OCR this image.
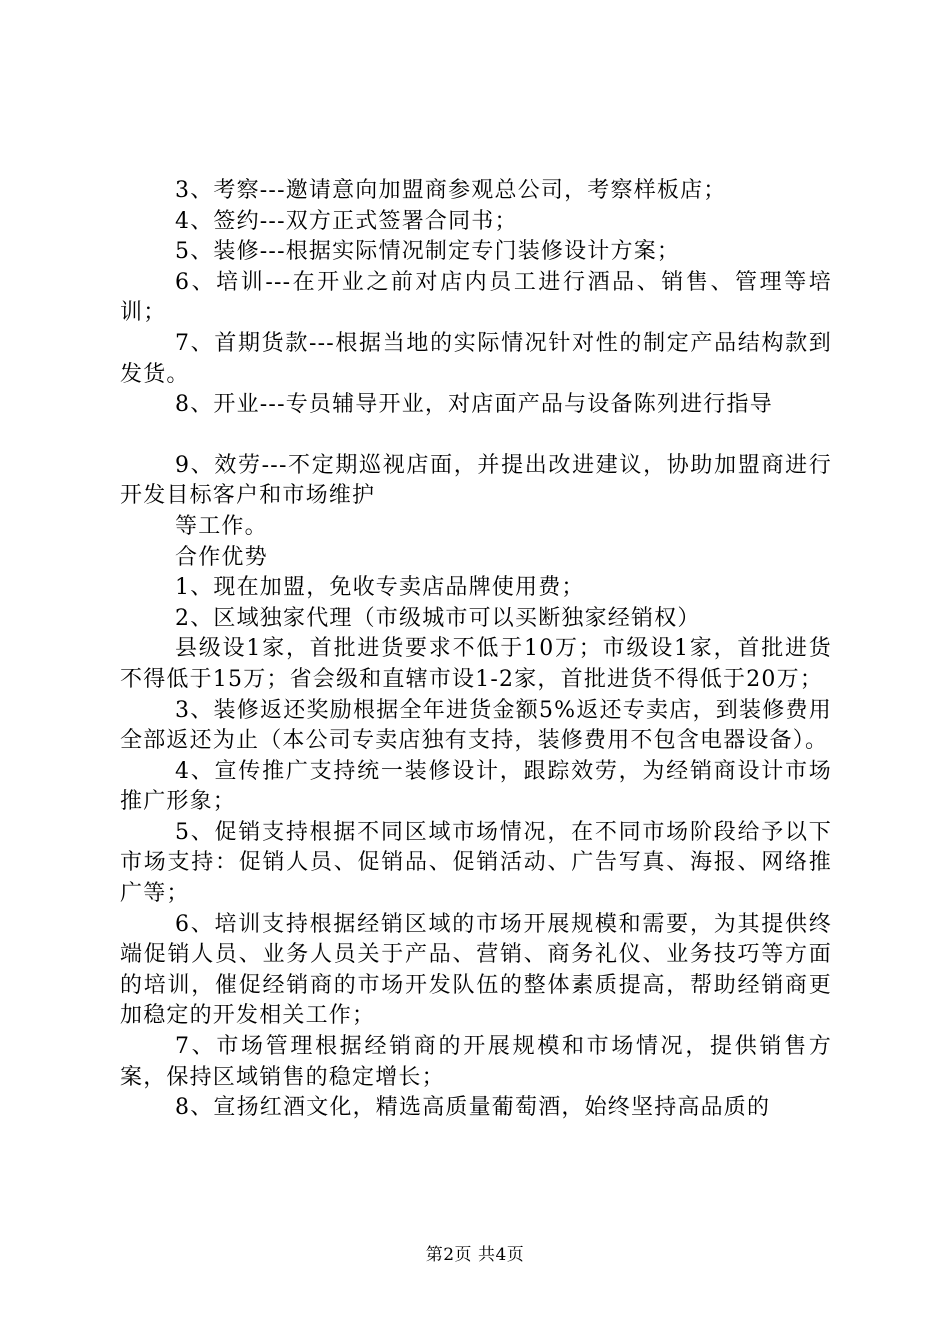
3、考察---邀请意向加盟商参观总公司，考察样板店；

4、签约---双方正式签署合同书；

5、装修---根据实际情况制定专门装修设计方案；

6、培训---在开业之前对店内员工进行酒品、销售、管理等培训；

7、首期货款---根据当地的实际情况针对性的制定产品结构款到发货。

8、开业---专员辅导开业，对店面产品与设备陈列进行指导

9、效劳---不定期巡视店面，并提出改进建议，协助加盟商进行开发目标客户和市场维护

等工作。

合作优势

1、现在加盟，免收专卖店品牌使用费；

2、区域独家代理（市级城市可以买断独家经销权）

县级设1家，首批进货要求不低于10万；市级设1家，首批进货不得低于15万；省会级和直辖市设1-2家，首批进货不得低于20万；

3、装修返还奖励根据全年进货金额5%返还专卖店，到装修费用全部返还为止（本公司专卖店独有支持，装修费用不包含电器设备）。

4、宣传推广支持统一装修设计，跟踪效劳，为经销商设计市场推广形象；

5、促销支持根据不同区域市场情况，在不同市场阶段给予以下市场支持：促销人员、促销品、促销活动、广告写真、海报、网络推广等；

6、培训支持根据经销区域的市场开展规模和需要，为其提供终端促销人员、业务人员关于产品、营销、商务礼仪、业务技巧等方面的培训，催促经销商的市场开发队伍的整体素质提高，帮助经销商更加稳定的开发相关工作；

7、市场管理根据经销商的开展规模和市场情况，提供销售方案，保持区域销售的稳定增长；

8、宣扬红酒文化，精选高质量葡萄酒，始终坚持高品质的

第2页 共4页
